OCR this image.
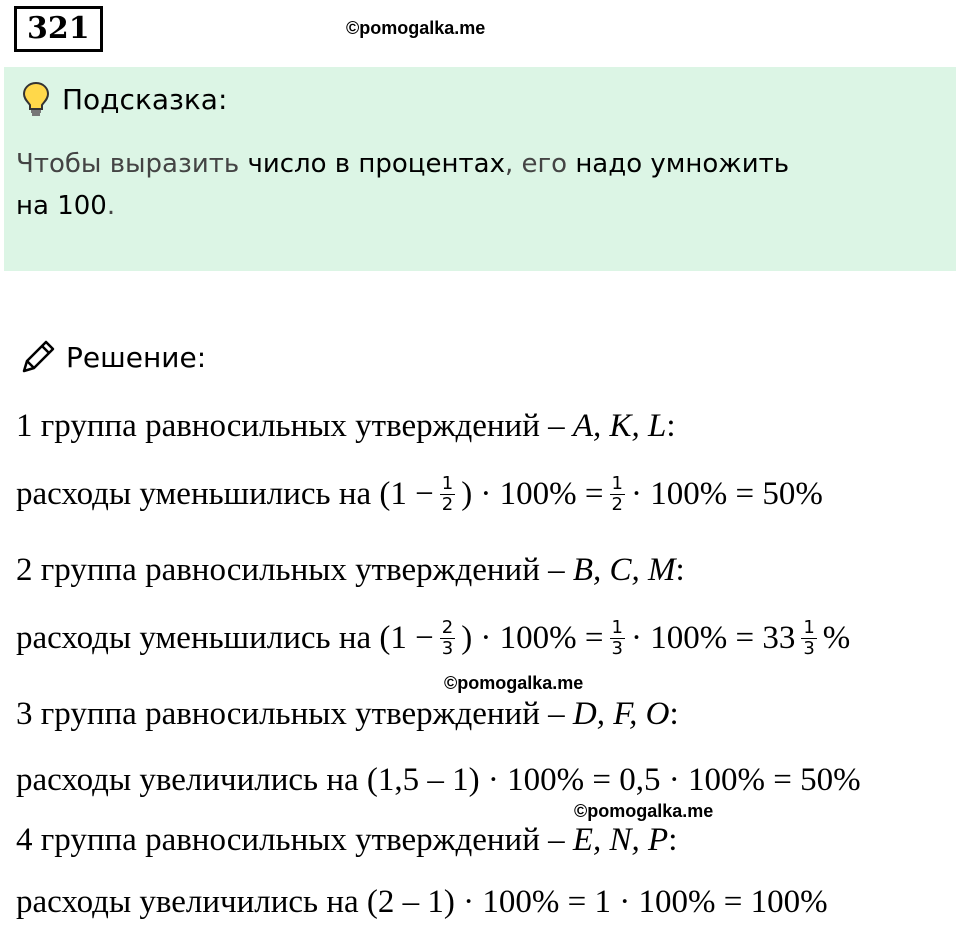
321	©pomogalka.me
Подсказка:
Чтобы выразить число в процентах, его надо умножить
на 100.
Решение:
1 группа равносильных утверждений –
A, K, L :
расходы уменьшились на ($1 - \frac{1}{2}$ ) · $100\% = \frac{1}{2} \cdot 100\% = 50\%$
2 группа равносильных утверждений –
B, C, M :
расходы уменьшились на ($1 - \frac{2}{3}$ ) · $100\% = \frac{1}{3} \cdot 100\% = 33 \frac{1}{3}$ %
©pomogalka.me
3 группа равносильных утверждений –
D, F, O :
расходы увеличились на (1,5 – 1) · 100% = 0,5 · 100% = 50%
©pomogalka.me
4 группа равносильных утверждений –
E, N, P :
расходы увеличились на (2 – 1) · 100% = 1 · 100% = 100%
